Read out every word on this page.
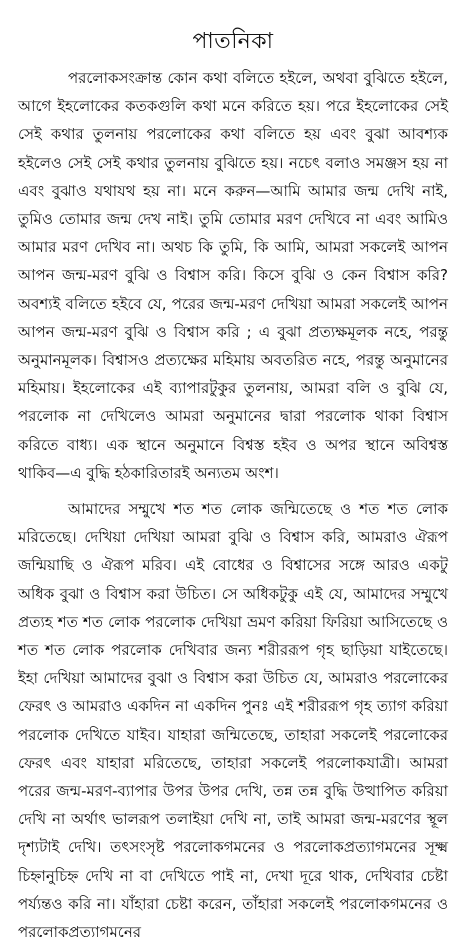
পাতনিকা

পরলোকসংক্রান্ত কোন কথা বলিতে হইলে, অথবা বুঝিতে হইলে, আগে ইহলোকের কতকগুলি কথা মনে করিতে হয়। পরে ইহলোকের সেই সেই কথার তুলনায় পরলোকের কথা বলিতে হয় এবং বুঝা আবশ্যক হইলেও সেই সেই কথার তুলনায় বুঝিতে হয়। নচেৎ বলাও সমঞ্জস হয় না এবং বুঝাও যথাযথ হয় না। মনে করুন—আমি আমার জন্ম দেখি নাই, তুমিও তোমার জন্ম দেখ নাই। তুমি তোমার মরণ দেখিবে না এবং আমিও আমার মরণ দেখিব না। অথচ কি তুমি, কি আমি, আমরা সকলেই আপন আপন জন্ম-মরণ বুঝি ও বিশ্বাস করি। কিসে বুঝি ও কেন বিশ্বাস করি? অবশ্যই বলিতে হইবে যে, পরের জন্ম-মরণ দেখিয়া আমরা সকলেই আপন আপন জন্ম-মরণ বুঝি ও বিশ্বাস করি ; এ বুঝা প্রত্যক্ষমূলক নহে, পরন্তু অনুমানমূলক। বিশ্বাসও প্রত্যক্ষের মহিমায় অবতরিত নহে, পরন্তু অনুমানের মহিমায়। ইহলোকের এই ব্যাপারটুকুর তুলনায়, আমরা বলি ও বুঝি যে, পরলোক না দেখিলেও আমরা অনুমানের দ্বারা পরলোক থাকা বিশ্বাস করিতে বাধ্য। এক স্থানে অনুমানে বিশ্বস্ত হইব ও অপর স্থানে অবিশ্বস্ত থাকিব—এ বুদ্ধি হঠকারিতারই অন্যতম অংশ।

আমাদের সম্মুখে শত শত লোক জন্মিতেছে ও শত শত লোক মরিতেছে। দেখিয়া দেখিয়া আমরা বুঝি ও বিশ্বাস করি, আমরাও ঐরূপ জন্মিয়াছি ও ঐরূপ মরিব। এই বোধের ও বিশ্বাসের সঙ্গে আরও একটু অধিক বুঝা ও বিশ্বাস করা উচিত। সে অধিকটুকু এই যে, আমাদের সম্মুখে প্রত্যহ শত শত লোক পরলোক দেখিয়া ভ্রমণ করিয়া ফিরিয়া আসিতেছে ও শত শত লোক পরলোক দেখিবার জন্য শরীররূপ গৃহ ছাড়িয়া যাইতেছে। ইহা দেখিয়া আমাদের বুঝা ও বিশ্বাস করা উচিত যে, আমরাও পরলোকের ফেরৎ ও আমরাও একদিন না একদিন পুনঃ এই শরীররূপ গৃহ ত্যাগ করিয়া পরলোক দেখিতে যাইব। যাহারা জন্মিতেছে, তাহারা সকলেই পরলোকের ফেরৎ এবং যাহারা মরিতেছে, তাহারা সকলেই পরলোকযাত্রী। আমরা পরের জন্ম-মরণ-ব্যাপার উপর উপর দেখি, তন্ন তন্ন বুদ্ধি উত্থাপিত করিয়া দেখি না অর্থাৎ ভালরূপ তলাইয়া দেখি না, তাই আমরা জন্ম-মরণের স্থূল দৃশ্যটাই দেখি। তৎসংসৃষ্ট পরলোকগমনের ও পরলোকপ্রত্যাগমনের সূক্ষ্ম চিহ্নানুচিহ্ন দেখি না বা দেখিতে পাই না, দেখা দূরে থাক, দেখিবার চেষ্টা পর্য্যন্তও করি না। যাঁহারা চেষ্টা করেন, তাঁহারা সকলেই পরলোকগমনের ও পরলোকপ্রত্যাগমনের
